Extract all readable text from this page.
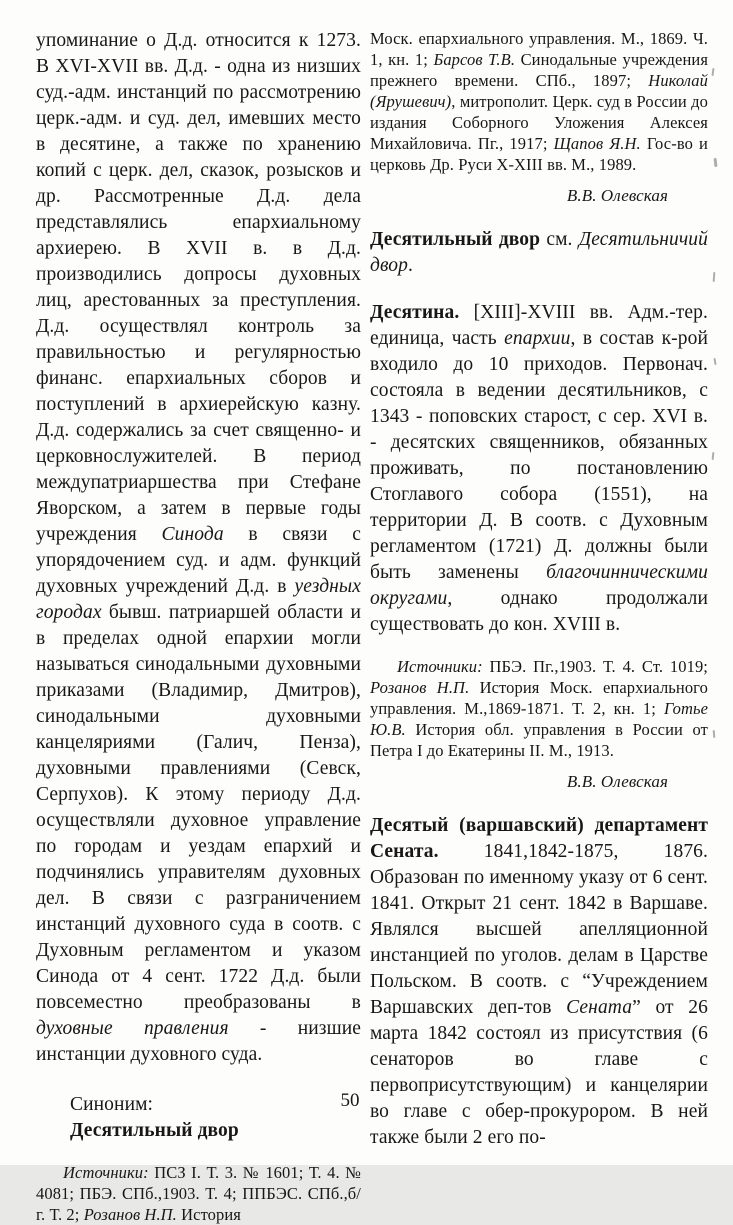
упоминание о Д.д. относится к 1273. В XVI-XVII вв. Д.д. - одна из низших суд.-адм. инстанций по рассмотрению церк.-адм. и суд. дел, имевших место в десятине, а также по хранению копий с церк. дел, сказок, розысков и др. Рассмотренные Д.д. дела представлялись епархиальному архиерею. В XVII в. в Д.д. производились допросы духовных лиц, арестованных за преступления. Д.д. осуществлял контроль за правильностью и регулярностью финанс. епархиальных сборов и поступлений в архиерейскую казну. Д.д. содержались за счет священно- и церковнослужителей. В период междупатриаршества при Стефане Яворском, а затем в первые годы учреждения Синода в связи с упорядочением суд. и адм. функций духовных учреждений Д.д. в уездных городах бывш. патриаршей области и в пределах одной епархии могли называться синодальными духовными приказами (Владимир, Дмитров), синодальными духовными канцеляриями (Галич, Пенза), духовными правлениями (Севск, Серпухов). К этому периоду Д.д. осуществляли духовное управление по городам и уездам епархий и подчинялись управителям духовных дел. В связи с разграничением инстанций духовного суда в соотв. с Духовным регламентом и указом Синода от 4 сент. 1722 Д.д. были повсеместно преобразованы в духовные правления - низшие инстанции духовного суда.

Синоним:
Десятильный двор

Источники: ПСЗ I. Т. 3. № 1601; Т. 4. № 4081; ПБЭ. СПб.,1903. Т. 4; ППБЭС. СПб.,б/г. Т. 2; Розанов Н.П. История

Моск. епархиального управления. М., 1869. Ч. 1, кн. 1; Барсов Т.В. Синодальные учреждения прежнего времени. СПб., 1897; Николай (Ярушевич), митрополит. Церк. суд в России до издания Соборного Уложения Алексея Михайловича. Пг., 1917; Щапов Я.Н. Гос-во и церковь Др. Руси X-XIII вв. М., 1989.

В.В. Олевская

Десятильный двор см. Десятильничий двор.

Десятина. [XIII]-XVIII вв. Адм.-тер. единица, часть епархии, в состав к-рой входило до 10 приходов. Первонач. состояла в ведении десятильников, с 1343 - поповских старост, с сер. XVI в. - десятских священников, обязанных проживать, по постановлению Стоглавого собора (1551), на территории Д. В соотв. с Духовным регламентом (1721) Д. должны были быть заменены благочинническими округами, однако продолжали существовать до кон. XVIII в.

Источники: ПБЭ. Пг.,1903. Т. 4. Ст. 1019; Розанов Н.П. История Моск. епархиального управления. М.,1869-1871. Т. 2, кн. 1; Готье Ю.В. История обл. управления в России от Петра I до Екатерины II. М., 1913.

В.В. Олевская

Десятый (варшавский) департамент Сената. 1841,1842-1875, 1876. Образован по именному указу от 6 сент. 1841. Открыт 21 сент. 1842 в Варшаве. Являлся высшей апелляционной инстанцией по уголов. делам в Царстве Польском. В соотв. с “Учреждением Варшавских деп-тов Сената” от 26 марта 1842 состоял из присутствия (6 сенаторов во главе с первоприсутствующим) и канцелярии во главе с обер-прокурором. В ней также были 2 его по-

50
